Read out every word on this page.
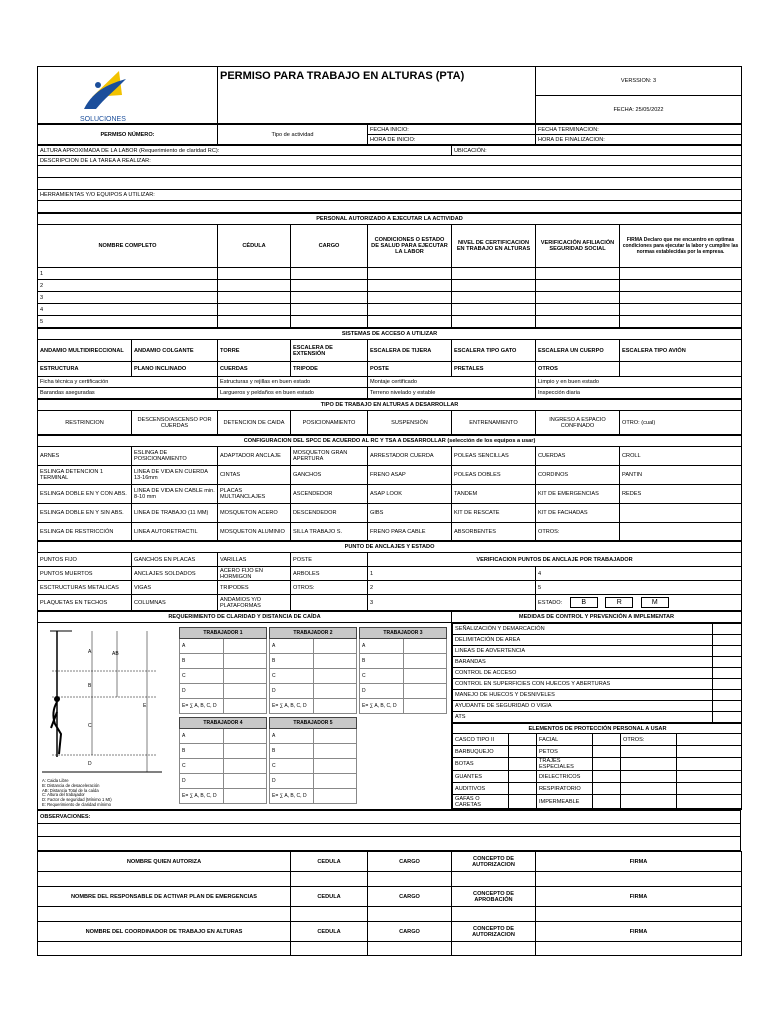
SOLUCIONES
	PERMISO PARA TRABAJO EN ALTURAS (PTA)	VERSSION: 3
FECHA: 25/05/2022
PERMISO NÚMERO:	Tipo de actividad	FECHA INICIO:	FECHA TERMINACION:
		HORA DE INICIO:	HORA DE FINALIZACION:
ALTURA APROXIMADA DE LA LABOR (Requerimiento de claridad RC):	UBICACIÓN:
DESCRIPCION DE LA TAREA A REALIZAR:

HERRAMIENTAS Y/O EQUIPOS A UTILIZAR:

PERSONAL AUTORIZADO A EJECUTAR LA ACTIVIDAD						
NOMBRE COMPLETO	CÉDULA	CARGO	CONDICIONES O ESTADO DE SALUD PARA EJECUTAR LA LABOR	NIVEL DE CERTIFICACION EN TRABAJO EN ALTURAS	VERIFICACIÓN AFILIACIÓN SEGURIDAD SOCIAL	FIRMA Declaro que me encuentro en optimas condiciones para ejecutar la labor y cumplire las normas establecidas por la empresa.
1						
2						
3						
4						
5						
SISTEMAS DE ACCESO A UTILIZAR							
ANDAMIO MULTIDIRECCIONAL	ANDAMIO COLGANTE	TORRE	ESCALERA DE EXTENSIÓN	ESCALERA DE TIJERA	ESCALERA TIPO GATO	ESCALERA UN CUERPO	ESCALERA TIPO AVIÓN
ESTRUCTURA	PLANO INCLINADO	CUERDAS	TRIPODE	POSTE	PRETALES	OTROS	
Ficha técnica y certificación		Estructuras y rejillas en buen estado		Montaje certificado		Limpio y en buen estado	
Barandas aseguradas		Largueros y peldaños en buen estado		Terreno nivelado y estable		Inspección diaria	
TIPO DE TRABAJO EN ALTURAS A DESARROLLAR
RESTRINCION	DESCENSO/ASCENSO POR CUERDAS	DETENCION DE CAIDA	POSICIONAMIENTO	SUSPENSIÓN	ENTRENAMIENTO	INGRESO A ESPACIO CONFINADO	OTRO: (cual)
CONFIGURACION DEL SPCC DE ACUERDO AL RC Y TSA A DESARROLLAR (selección de los equipos a usar)							
ARNES	ESLINGA DE POSICIONAMIENTO	ADAPTADOR ANCLAJE	MOSQUETON GRAN APERTURA	ARRESTADOR CUERDA	POLEAS SENCILLAS	CUERDAS	CROLL
ESLINGA DETENCION 1 TERMINAL	LINEA DE VIDA EN CUERDA 13-16mm	CINTAS	GANCHOS	FRENO ASAP	POLEAS DOBLES	CORDINOS	PANTIN
ESLINGA DOBLE EN Y CON ABS.	LINEA DE VIDA EN CABLE min. 8-10 mm	PLACAS MULTIANCLAJES	ASCENDEDOR	ASAP LOOK	TANDEM	KIT DE EMERGENCIAS	REDES
ESLINGA DOBLE EN Y SIN ABS.	LINEA DE TRABAJO (11 MM)	MOSQUETON ACERO	DESCENDEDOR	GIBS	KIT DE RESCATE	KIT DE FACHADAS	
ESLINGA DE RESTRICCIÓN	LINEA AUTORETRACTIL	MOSQUETON ALUMINIO	SILLA TRABAJO S.	FRENO PARA CABLE	ABSORBENTES	OTROS:	
PUNTO DE ANCLAJES Y ESTADO					
PUNTOS FIJO	GANCHOS EN PLACAS	VARILLAS	POSTE	VERIFICACION PUNTOS DE ANCLAJE POR TRABAJADOR	
PUNTOS MUERTOS	ANCLAJES SOLDADOS	ACERO FIJO EN HORMIGON	ARBOLES	1	4
ESCTRUCTURAS METALICAS	VIGAS	TRIPODES	OTROS:	2	5
PLAQUETAS EN TECHOS	COLUMNAS	ANDAMIOS Y/O PLATAFORMAS		3	ESTADO: B R M
REQUERIMIENTO DE CLARIDAD Y DISTANCIA DE CAÍDA	MEDIDAS DE CONTROL Y PREVENCIÓN A IMPLEMENTAR

A	AB
B
C
D
E
A: Caida Libre
B: Distancia de desaceleración
AB: Distancia Total de la caída
C: Altura del trabajador
D: Factor de seguridad (Mínimo 1 Mt)
E: Requerimiento de claridad mínimo
TRABAJADOR 1
A	
B	
C	
D	
E= ∑ A, B, C, D	
TRABAJADOR 2
A	
B	
C	
D	
E= ∑ A, B, C, D	
TRABAJADOR 3
A	
B	
C	
D	
E= ∑ A, B, C, D	
TRABAJADOR 4
A	
B	
C	
D	
E= ∑ A, B, C, D	
TRABAJADOR 5
A	
B	
C	
D	
E= ∑ A, B, C, D	

SEÑALIZACIÓN Y DEMARCACIÓN	
DELIMITACIÓN DE AREA	
LINEAS DE ADVERTENCIA	
BARANDAS	
CONTROL DE ACCESO	
CONTROL EN SUPERFICIES CON HUECOS Y ABERTURAS	
MANEJO DE HUECOS Y DESNIVELES	
AYUDANTE DE SEGURIDAD O VIGIA	
ATS	
ELEMENTOS DE PROTECCIÓN PERSONAL A USAR
CASCO TIPO II		FACIAL		OTROS:	
BARBUQUEJO		PETOS			
BOTAS		TRAJES ESPECIALES			
GUANTES		DIELECTRICOS			
AUDITIVOS		RESPIRATORIO			
GAFAS O CARETAS		IMPERMEABLE			
OBSERVACIONES:

NOMBRE QUIEN AUTORIZA	CEDULA	CARGO	CONCEPTO DE AUTORIZACION	FIRMA

NOMBRE DEL RESPONSABLE DE ACTIVAR PLAN DE EMERGENCIAS	CEDULA	CARGO	CONCEPTO DE APROBACIÓN	FIRMA

NOMBRE DEL COORDINADOR DE TRABAJO EN ALTURAS	CEDULA	CARGO	CONCEPTO DE AUTORIZACION	FIRMA
